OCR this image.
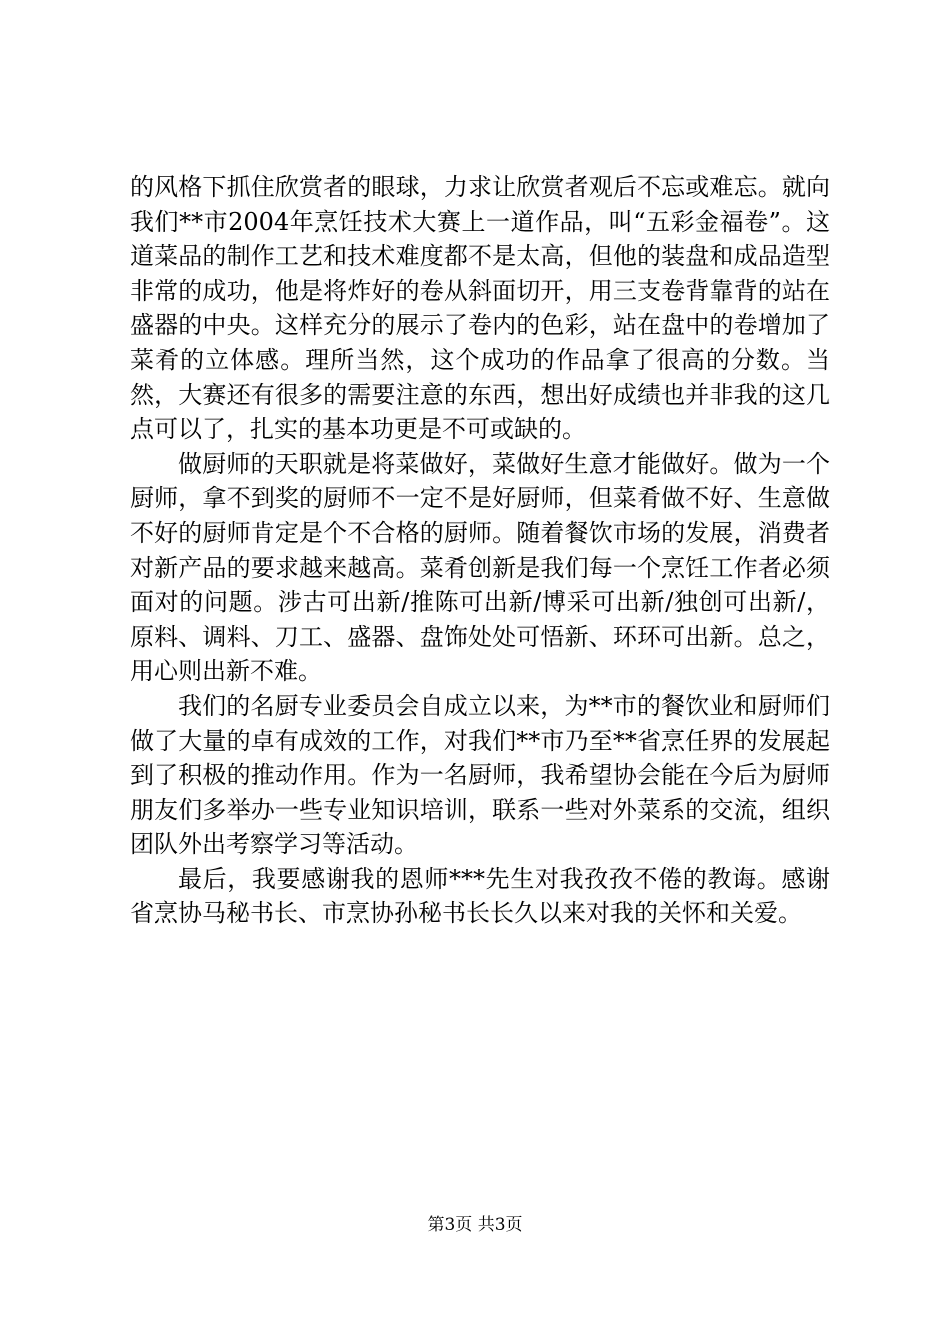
的风格下抓住欣赏者的眼球，力求让欣赏者观后不忘或难忘。就向我们**市2004年烹饪技术大赛上一道作品，叫“五彩金福卷”。这道菜品的制作工艺和技术难度都不是太高，但他的装盘和成品造型非常的成功，他是将炸好的卷从斜面切开，用三支卷背靠背的站在盛器的中央。这样充分的展示了卷内的色彩，站在盘中的卷增加了菜肴的立体感。理所当然，这个成功的作品拿了很高的分数。当然，大赛还有很多的需要注意的东西，想出好成绩也并非我的这几点可以了，扎实的基本功更是不可或缺的。

做厨师的天职就是将菜做好，菜做好生意才能做好。做为一个厨师，拿不到奖的厨师不一定不是好厨师，但菜肴做不好、生意做不好的厨师肯定是个不合格的厨师。随着餐饮市场的发展，消费者对新产品的要求越来越高。菜肴创新是我们每一个烹饪工作者必须面对的问题。涉古可出新/推陈可出新/博采可出新/独创可出新/，原料、调料、刀工、盛器、盘饰处处可悟新、环环可出新。总之，用心则出新不难。

我们的名厨专业委员会自成立以来，为**市的餐饮业和厨师们做了大量的卓有成效的工作，对我们**市乃至**省烹任界的发展起到了积极的推动作用。作为一名厨师，我希望协会能在今后为厨师朋友们多举办一些专业知识培训，联系一些对外菜系的交流，组织团队外出考察学习等活动。

最后，我要感谢我的恩师***先生对我孜孜不倦的教诲。感谢省烹协马秘书长、市烹协孙秘书长长久以来对我的关怀和关爱。

第3页 共3页
